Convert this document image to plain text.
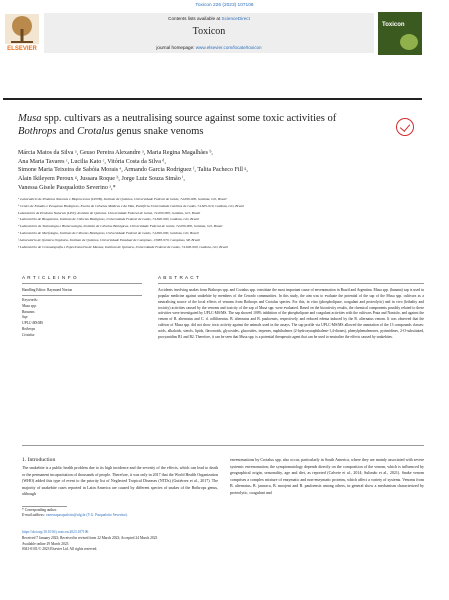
Toxicon 226 (2023) 107106
ELSEVIER
Contents lists available at ScienceDirect
Toxicon
journal homepage: www.elsevier.com/locate/toxicon
Toxicon
Musa spp. cultivars as a neutralising source against some toxic activities of
Bothrops and Crotalus genus snake venoms
Márcia Matos da Silva ᵃ, Geuso Pereira Alexandre ᵃ, Maria Regina Magalhães ᵇ,
Ana Maria Tavares ᶜ, Lucilia Kato ᶜ, Vitória Costa da Silva ᵈ,
Simone Maria Teixeira de Sabóia Morais ᵉ, Armando Garcia Rodriguez ᶠ, Talita Pacheco Fill ᵍ,
Alain Ikileyem Peroux ᵍ, Jussara Roque ʰ, Jorge Luiz Souza Simão ⁱ,
Vanessa Gisele Pasqualotto Severino ᵃ,*
ᵃ Laboratório de Produtos Naturais e Bioprocessos (LPNB), Instituto de Química, Universidade Federal de Goiás, 74.690-900, Goiânia, GO, Brazil
ᵇ Centro de Estudos e Pesquisas Biológicas, Escola de Ciências Médicas e da Vida, Pontifícia Universidade Católica de Goiás, 74.605-010, Goiânia, GO, Brazil
Laboratório de Produtos Naturais (LPN), Instituto de Química, Universidade Federal de Goiás, 74.690-900, Goiânia, GO, Brazil
ᶜ Laboratório de Bioquímica, Instituto de Ciências Biológicas, Universidade Federal de Goiás, 74.690-900, Goiânia, GO, Brazil
ᵈ Laboratório de Toxinologia e Biotecnologia, Instituto de Ciências Biológicas, Universidade Federal de Goiás, 74.690-900, Goiânia, GO, Brazil
ᵉ Laboratório de Morfologia, Instituto de Ciências Biológicas, Universidade Federal de Goiás, 74.690-900, Goiânia, GO, Brazil
ᶠ Laboratório de Química Orgânica, Instituto de Química, Universidade Estadual de Campinas, 13083-970, Campinas, SP, Brazil
ᵍ Laboratório de Cromatografia e Espectrometria de Massas, Instituto de Química, Universidade Federal de Goiás, 74.690-900, Goiânia, GO, Brazil
A R T I C L E I N F O	A B S T R A C T
Handling Editor: Raymond Norton
Keywords:
Musa spp.
Bananas
Sap
UPLC-MS/MS
Bothrops
Crotalus
Accidents involving snakes from Bothrops spp. and Crotalus spp. constitute the most important cause of envenomation in Brazil and Argentina. Musa spp. (banana) sap is used in popular medicine against snakebite by members of the Cerrado communities. In this study, the aim was to evaluate the potential of the sap of the Musa spp. cultivars as a neutralising source of the local effects of venoms from Bothrops and Crotalus species. For this, in vitro (phospholipase, coagulant and proteolytic) and in vivo (lethality and toxicity) activities caused by the venoms and toxicity of the sap of Musa spp. were evaluated. Based on the bioactivity results, the chemical components possibly related to these activities were investigated by UPLC-MS/MS. The sap showed 100% inhibition of the phospholipase and coagulant activities with the cultivars Prata and Nanicão, and against the venom of B. alternatus and C. d. collilineatus. B. alternatus and B. pauloensis, respectively, and reduced edema induced by the B. alternatus venom. It was observed that the cultivar of Musa spp. did not show toxic activity against the animals used in the assays. The sap profile via UPLC-MS/MS allowed the annotation of the 13 compounds classes: acids, alkaloids, sterols, lipids, flavonoids, glycosides, glucosides, terpenes, naphthalenes (2-hydroxynaphthalene-1,4-diones), phenylphenalenones, pyrimidines, 2-O-substituted, procyanidins B1 and B2. Therefore, it can be seen that Musa spp. is a potential therapeutic agent that can be used to neutralise the effects caused by snakebites.
1. Introduction
The snakebite is a public health problem due to its high incidence and the severity of the effects, which can lead to death or the permanent incapacitation of thousands of people. Therefore, it was only in 2017 that the World Health Organization (WHO) added this type of event to the priority list of Neglected Tropical Diseases (NTDs) (Gutiérrez et al., 2017). The majority of snakebite cases reported in Latin America are caused by different species of snakes of the Bothrops genus, although
envenomations by Crotalus spp. also occur, particularly in South America, where they are mainly associated with severe systemic envenomation; the symptomatology depends directly on the composition of the venom, which is influenced by geographical origin, seasonality, age and diet, as reported (Calvete et al., 2014; Sulimão et al., 2021). Snake venom comprises a complex mixture of enzymatic and non-enzymatic proteins, which affect a variety of systems. Venoms from B. alternatus, B. jararaca, B. moojeni and B. pauloensis among others, in general show a mechanism characterized by proteolytic, coagulant and
* Corresponding author.
E-mail address: vanessapasqualotto@ufg.br (V.G. Pasqualotto Severino).
https://doi.org/10.1016/j.toxicon.2023.107106
Received 7 January 2023; Received in revised form 22 March 2023; Accepted 24 March 2023
Available online 29 March 2023
0041-0101/© 2023 Elsevier Ltd. All rights reserved.
